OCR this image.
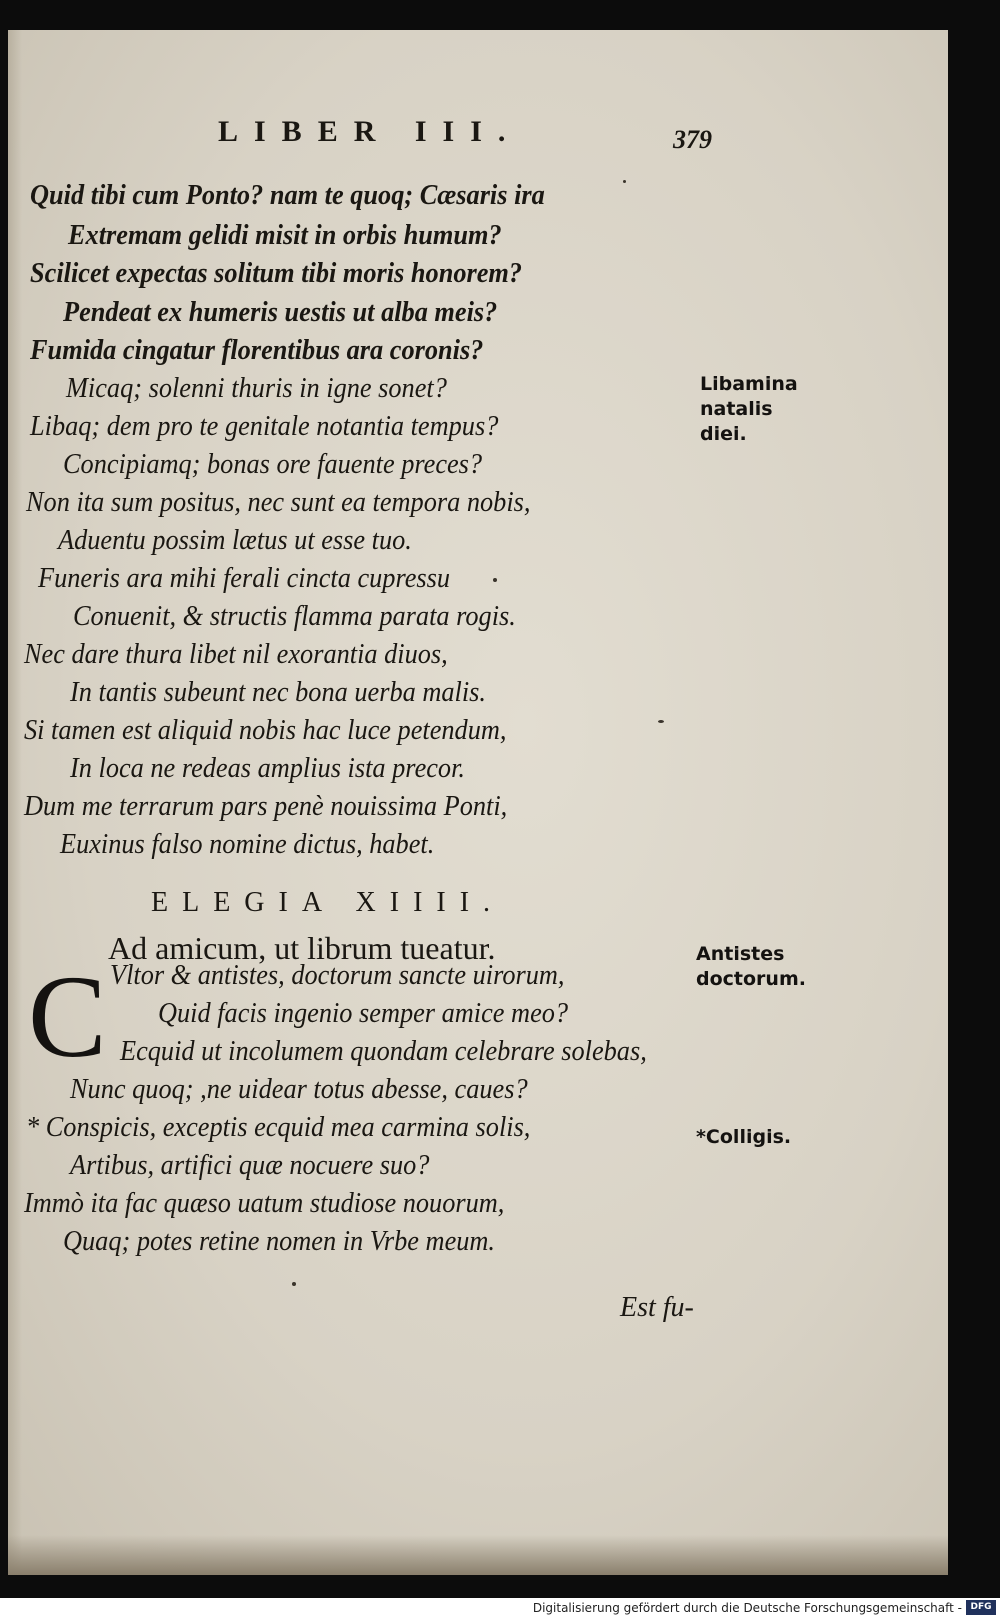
LIBER III.	379
Quid tibi cum Ponto? nam te quoq; Cæsaris ira
Extremam gelidi misit in orbis humum?
Scilicet expectas solitum tibi moris honorem?
Pendeat ex humeris uestis ut alba meis?
Fumida cingatur florentibus ara coronis?
Micaq; solenni thuris in igne sonet?
Libaq; dem pro te genitale notantia tempus?
Concipiamq; bonas ore fauente preces?
Non ita sum positus, nec sunt ea tempora nobis,
Aduentu possim lætus ut esse tuo.
Funeris ara mihi ferali cincta cupressu
Conuenit, & structis flamma parata rogis.
Nec dare thura libet nil exorantia diuos,
In tantis subeunt nec bona uerba malis.
Si tamen est aliquid nobis hac luce petendum,
In loca ne redeas amplius ista precor.
Dum me terrarum pars penè nouissima Ponti,
Euxinus falso nomine dictus, habet.
ELEGIA XIIII.
Ad amicum, ut librum tueatur.
C Vltor & antistes, doctorum sancte uirorum,
Quid facis ingenio semper amice meo?
Ecquid ut incolumem quondam celebrare solebas,
Nunc quoq; ,ne uidear totus abesse, caues?
* Conspicis, exceptis ecquid mea carmina solis,
Artibus, artifici quæ nocuere suo?
Immò ita fac quæso uatum studiose nouorum,
Quaq; potes retine nomen in Vrbe meum.
Libamina
natalis
diei.
Antistes
doctorum.
*Colligis.
Est fu-
Digitalisierung gefördert durch die Deutsche Forschungsgemeinschaft - DFG
